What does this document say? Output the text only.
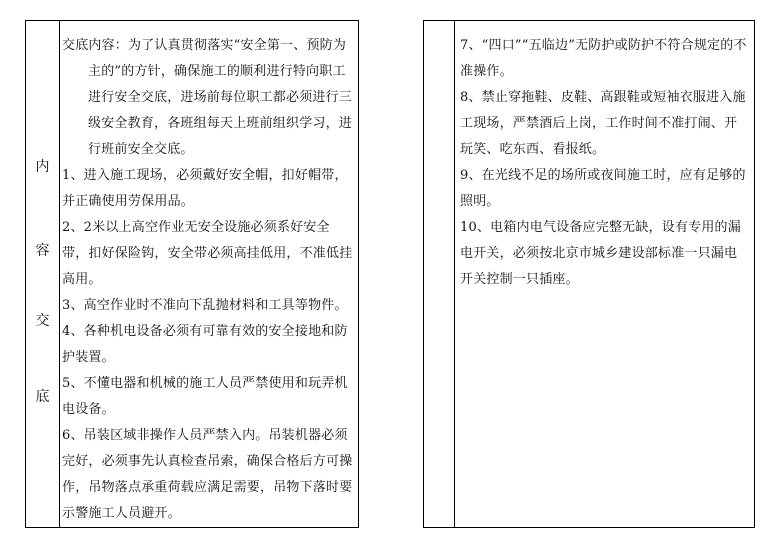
内
容
交
底

交底内容：为了认真贯彻落实“安全第一、预防为主的”的方针，确保施工的顺利进行特向职工进行安全交底，进场前每位职工都必须进行三级安全教育，各班组每天上班前组织学习，进行班前安全交底。

1、进入施工现场，必须戴好安全帽，扣好帽带，并正确使用劳保用品。

2、2米以上高空作业无安全设施必须系好安全带，扣好保险钩，安全带必须高挂低用，不准低挂高用。

3、高空作业时不准向下乱抛材料和工具等物件。

4、各种机电设备必须有可靠有效的安全接地和防护装置。

5、不懂电器和机械的施工人员严禁使用和玩弄机电设备。

6、吊装区域非操作人员严禁入内。吊装机器必须完好，必须事先认真检查吊索，确保合格后方可操作，吊物落点承重荷载应满足需要，吊物下落时要示警施工人员避开。

7、“四口”“五临边”无防护或防护不符合规定的不准操作。

8、禁止穿拖鞋、皮鞋、高跟鞋或短袖衣服进入施工现场，严禁酒后上岗，工作时间不准打闹、开玩笑、吃东西、看报纸。

9、在光线不足的场所或夜间施工时，应有足够的照明。

10、电箱内电气设备应完整无缺，设有专用的漏电开关，必须按北京市城乡建设部标准一只漏电开关控制一只插座。
